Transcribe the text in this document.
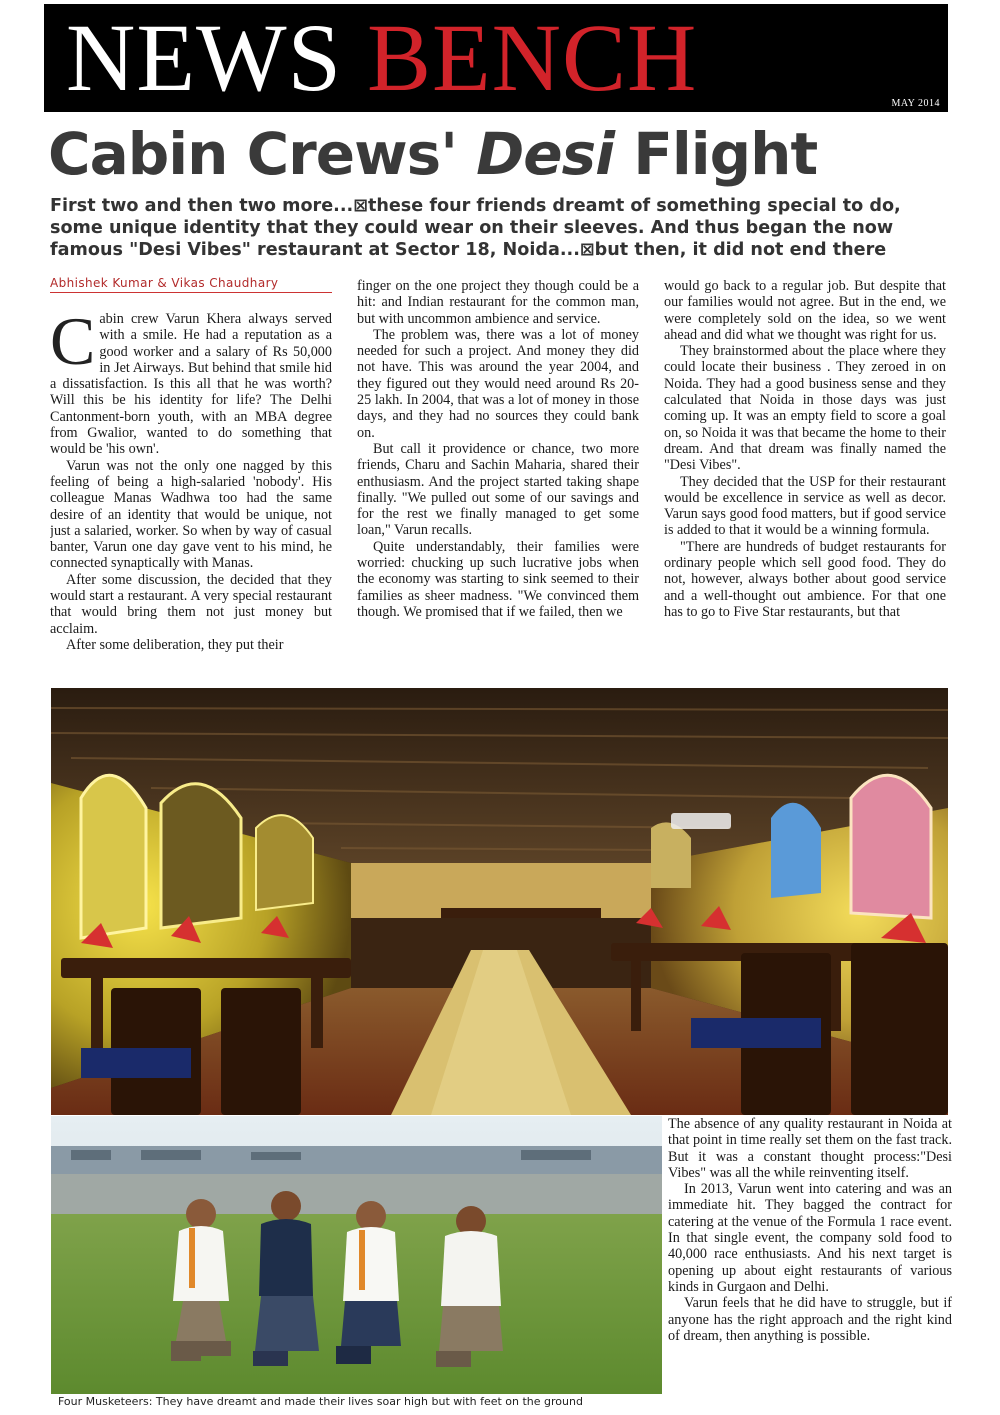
NEWS BENCH	MAY 2014
Cabin Crews' Desi Flight
First two and then two more...⊠these four friends dreamt of something special to do, some unique identity that they could wear on their sleeves. And thus began the now famous "Desi Vibes" restaurant at Sector 18, Noida...⊠but then, it did not end there
Abhishek Kumar & Vikas Chaudhary
C abin crew Varun Khera always served with a smile. He had a reputation as a good worker and a salary of Rs 50,000 in Jet Airways. But behind that smile hid a dissatisfaction. Is this all that he was worth? Will this be his identity for life? The Delhi Cantonment-born youth, with an MBA degree from Gwalior, wanted to do something that would be 'his own'.

Varun was not the only one nagged by this feeling of being a high-salaried 'nobody'. His colleague Manas Wadhwa too had the same desire of an identity that would be unique, not just a salaried, worker. So when by way of casual banter, Varun one day gave vent to his mind, he connected synaptically with Manas.

After some discussion, the decided that they would start a restaurant. A very special restaurant that would bring them not just money but acclaim.

After some deliberation, they put their

finger on the one project they though could be a hit: and Indian restaurant for the common man, but with uncommon ambience and service.

The problem was, there was a lot of money needed for such a project. And money they did not have. This was around the year 2004, and they figured out they would need around Rs 20-25 lakh. In 2004, that was a lot of money in those days, and they had no sources they could bank on.

But call it providence or chance, two more friends, Charu and Sachin Maharia, shared their enthusiasm. And the project started taking shape finally. "We pulled out some of our savings and for the rest we finally managed to get some loan," Varun recalls.

Quite understandably, their families were worried: chucking up such lucrative jobs when the economy was starting to sink seemed to their families as sheer madness. "We convinced them though. We promised that if we failed, then we

would go back to a regular job. But despite that our families would not agree. But in the end, we were completely sold on the idea, so we went ahead and did what we thought was right for us.

They brainstormed about the place where they could locate their business . They zeroed in on Noida. They had a good business sense and they calculated that Noida in those days was just coming up. It was an empty field to score a goal on, so Noida it was that became the home to their dream. And that dream was finally named the "Desi Vibes".

They decided that the USP for their restaurant would be excellence in service as well as decor. Varun says good food matters, but if good service is added to that it would be a winning formula.

"There are hundreds of budget restaurants for ordinary people which sell good food. They do not, however, always bother about good service and a well-thought out ambience. For that one has to go to Five Star restaurants, but that

The absence of any quality restaurant in Noida at that point in time really set them on the fast track. But it was a constant thought process:"Desi Vibes" was all the while reinventing itself.

In 2013, Varun went into catering and was an immediate hit. They bagged the contract for catering at the venue of the Formula 1 race event. In that single event, the company sold food to 40,000 race enthusiasts. And his next target is opening up about eight restaurants of various kinds in Gurgaon and Delhi.

Varun feels that he did have to struggle, but if anyone has the right approach and the right kind of dream, then anything is possible.

Four Musketeers: They have dreamt and made their lives soar high but with feet on the ground
